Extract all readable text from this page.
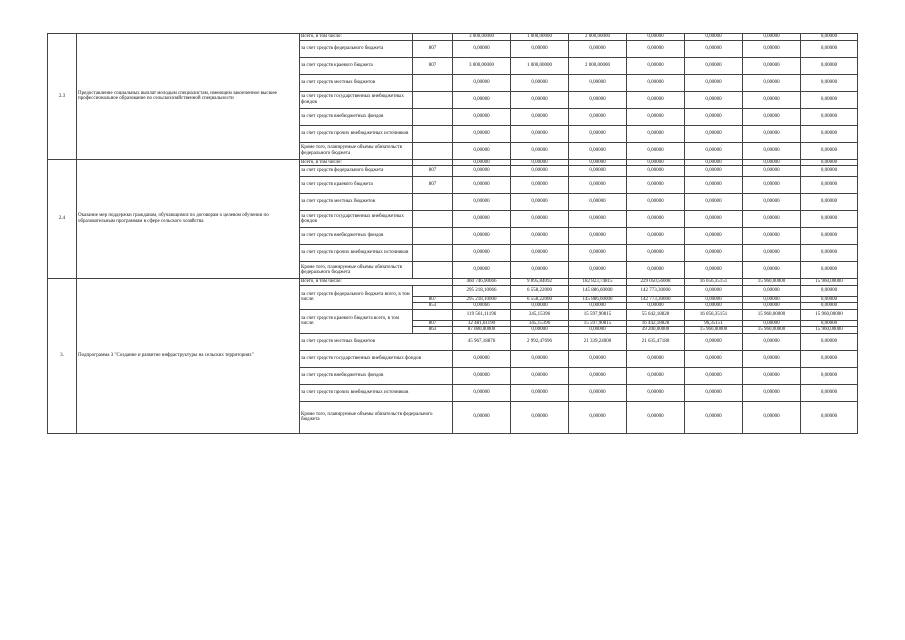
2.3	Предоставление социальных выплат молодым специалистам, имеющим законченное высшее профессиональное образование по сельскохозяйственной специальности	Всего, в том числе:		3 000,00000	1 000,00000	2 000,00000	0,00000	0,00000	0,00000	0,00000
		за счет средств федерального бюджета	807	0,00000	0,00000	0,00000	0,00000	0,00000	0,00000	0,00000
		за счет средств краевого бюджета	807	3 000,00000	1 000,00000	2 000,00000	0,00000	0,00000	0,00000	0,00000
		за счет средств местных бюджетов		0,00000	0,00000	0,00000	0,00000	0,00000	0,00000	0,00000
		за счет средств государственных внебюджетных фондов		0,00000	0,00000	0,00000	0,00000	0,00000	0,00000	0,00000
		за счет средств внебюджетных фондов		0,00000	0,00000	0,00000	0,00000	0,00000	0,00000	0,00000
		за счет средств прочих внебюджетных источников		0,00000	0,00000	0,00000	0,00000	0,00000	0,00000	0,00000
		Кроме того, планируемые объемы обязательств федерального бюджета		0,00000	0,00000	0,00000	0,00000	0,00000	0,00000	0,00000
2.4	Оказание мер поддержки гражданам, обучающимся по договорам о целевом обучении по образовательным программам в сфере сельского хозяйства	Всего, в том числе:		0,00000	0,00000	0,00000	0,00000	0,00000	0,00000	0,00000
		за счет средств федерального бюджета	807	0,00000	0,00000	0,00000	0,00000	0,00000	0,00000	0,00000
		за счет средств краевого бюджета	807	0,00000	0,00000	0,00000	0,00000	0,00000	0,00000	0,00000
		за счет средств местных бюджетов		0,00000	0,00000	0,00000	0,00000	0,00000	0,00000	0,00000
		за счет средств государственных внебюджетных фондов		0,00000	0,00000	0,00000	0,00000	0,00000	0,00000	0,00000
		за счет средств внебюджетных фондов		0,00000	0,00000	0,00000	0,00000	0,00000	0,00000	0,00000
		за счет средств прочих внебюджетных источников		0,00000	0,00000	0,00000	0,00000	0,00000	0,00000	0,00000
		Кроме того, планируемые объемы обязательств федерального бюджета		0,00000	0,00000	0,00000	0,00000	0,00000	0,00000	0,00000
3.	Подпрограмма 3 "Создание и развитие инфраструктуры на сельских территориях"	Всего, в том числе:		460 746,90066	9 895,84092	182 823,74815	229 050,56008	16 056,35151	15 960,00000	15 960,00000
		за счет средств федерального бюджета всего, в том числе:		295 218,10066	6 558,22000	145 886,60000	142 773,30000	0,00000	0,00000	0,00000
			807	295 218,10000	6 558,22000	145 886,60000	142 773,30000	0,00000	0,00000	0,00000
			853	0,00066	0,00000	0,00000	0,00000	0,00000	0,00000	0,00000
		за счет средств краевого бюджета всего, в том числе:		119 561,11196	345,15396	15 597,90815	55 642,18828	16 056,35151	15 960,00000	15 960,00000
			807	32 481,61190	345,15396	15 597,90815	16 442,18828	96,35151	0,00000	0,00000
			863	87 080,00000	0,00000	0,00000	39 200,00000	15 960,00000	15 960,00000	15 960,00000
		за счет средств местных бюджетов		45 967,18876	2 992,47696	21 339,24000	21 635,47180	0,00000	0,00000	0,00000
		за счет средств государственных внебюджетных фондов		0,00000	0,00000	0,00000	0,00000	0,00000	0,00000	0,00000
		за счет средств внебюджетных фондов		0,00000	0,00000	0,00000	0,00000	0,00000	0,00000	0,00000
		за счет средств прочих внебюджетных источников		0,00000	0,00000	0,00000	0,00000	0,00000	0,00000	0,00000
		Кроме того, планируемые объемы обязательств федерального бюджета		0,00000	0,00000	0,00000	0,00000	0,00000	0,00000	0,00000
